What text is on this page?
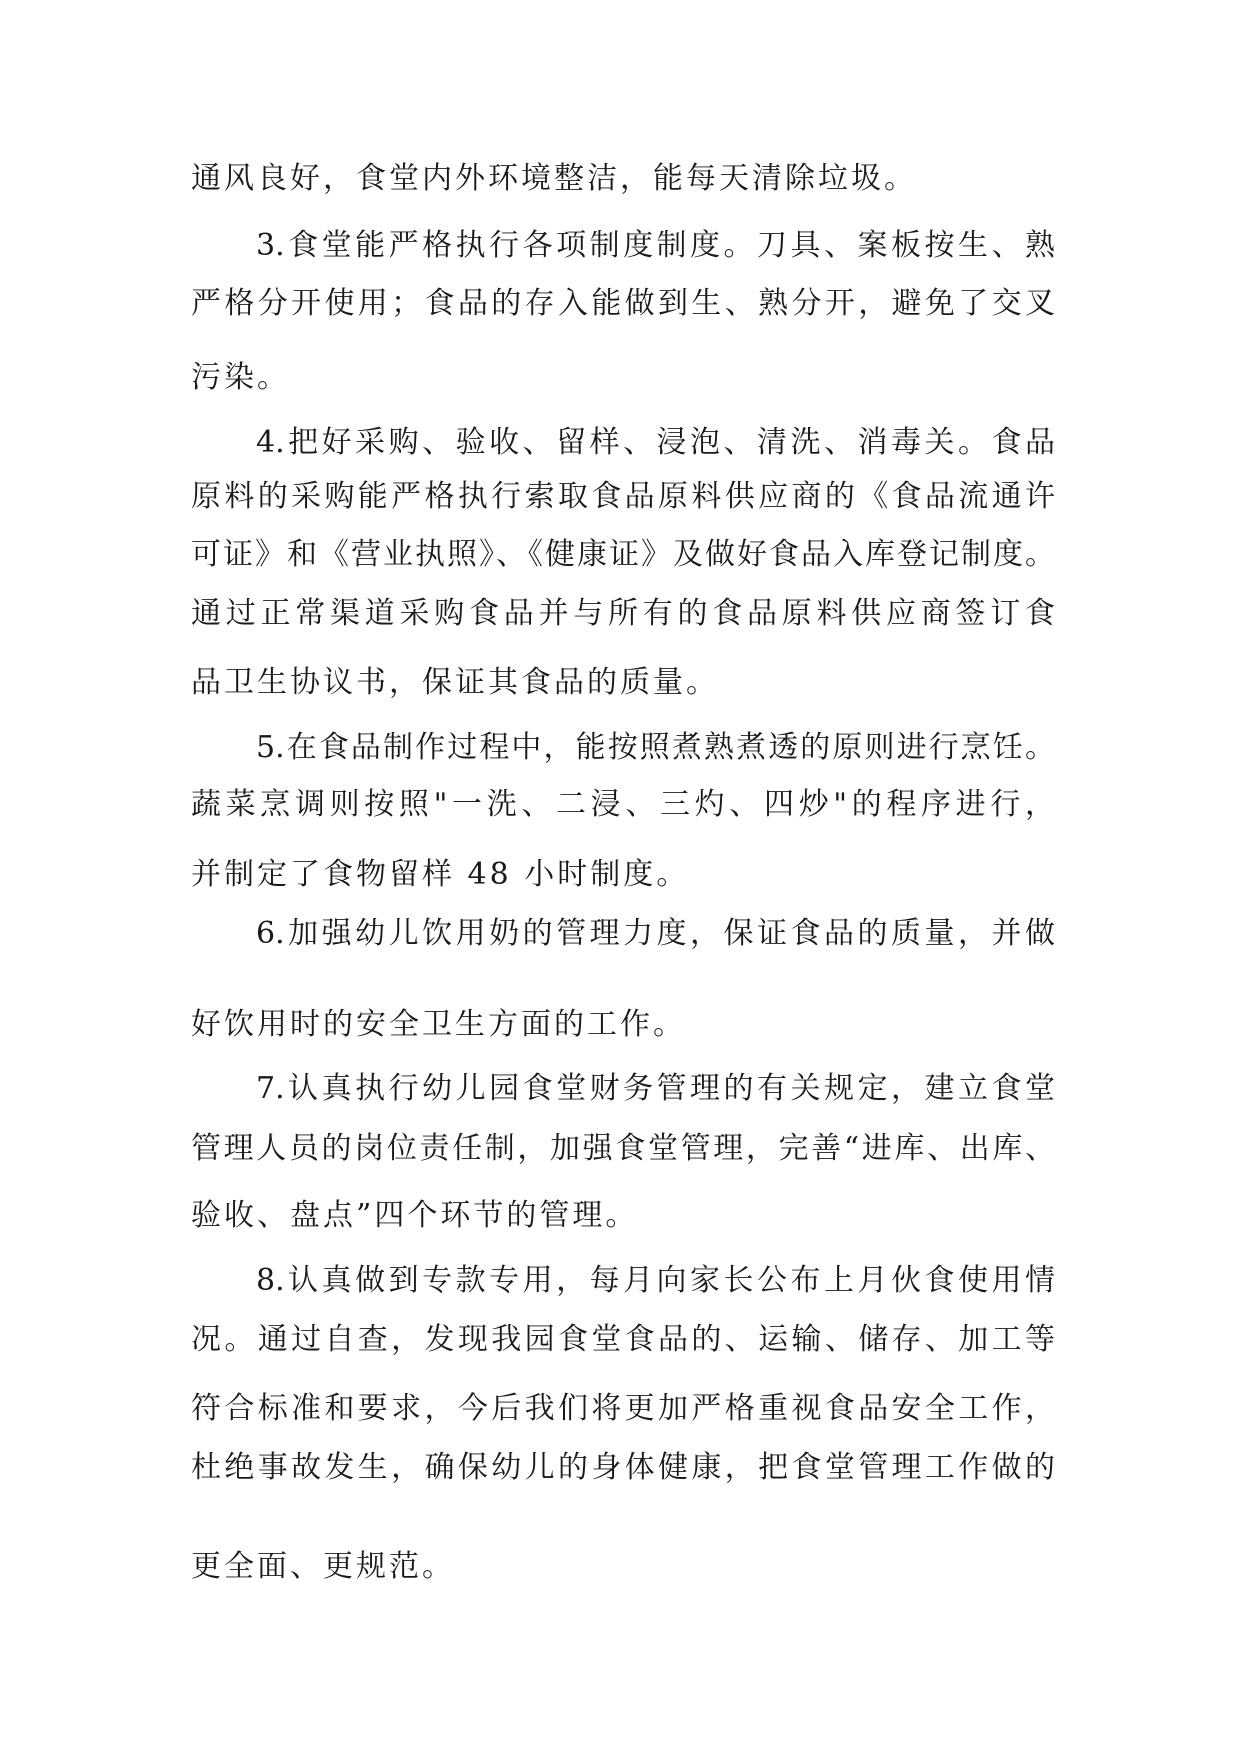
通风良好，食堂内外环境整洁，能每天清除垃圾。
3.食堂能严格执行各项制度制度。刀具、案板按生、熟
严格分开使用；食品的存入能做到生、熟分开，避免了交叉
污染。
4.把好采购、验收、留样、浸泡、清洗、消毒关。食品
原料的采购能严格执行索取食品原料供应商的《食品流通许
可证》和《营业执照》、《健康证》及做好食品入库登记制度。
通过正常渠道采购食品并与所有的食品原料供应商签订食
品卫生协议书，保证其食品的质量。
5.在食品制作过程中，能按照煮熟煮透的原则进行烹饪。
蔬菜烹调则按照"一洗、二浸、三灼、四炒"的程序进行，
并制定了食物留样 48 小时制度。
6.加强幼儿饮用奶的管理力度，保证食品的质量，并做
好饮用时的安全卫生方面的工作。
7.认真执行幼儿园食堂财务管理的有关规定，建立食堂
管理人员的岗位责任制，加强食堂管理，完善“进库、出库、
验收、盘点”四个环节的管理。
8.认真做到专款专用，每月向家长公布上月伙食使用情
况。通过自查，发现我园食堂食品的、运输、储存、加工等
符合标准和要求，今后我们将更加严格重视食品安全工作，
杜绝事故发生，确保幼儿的身体健康，把食堂管理工作做的
更全面、更规范。
